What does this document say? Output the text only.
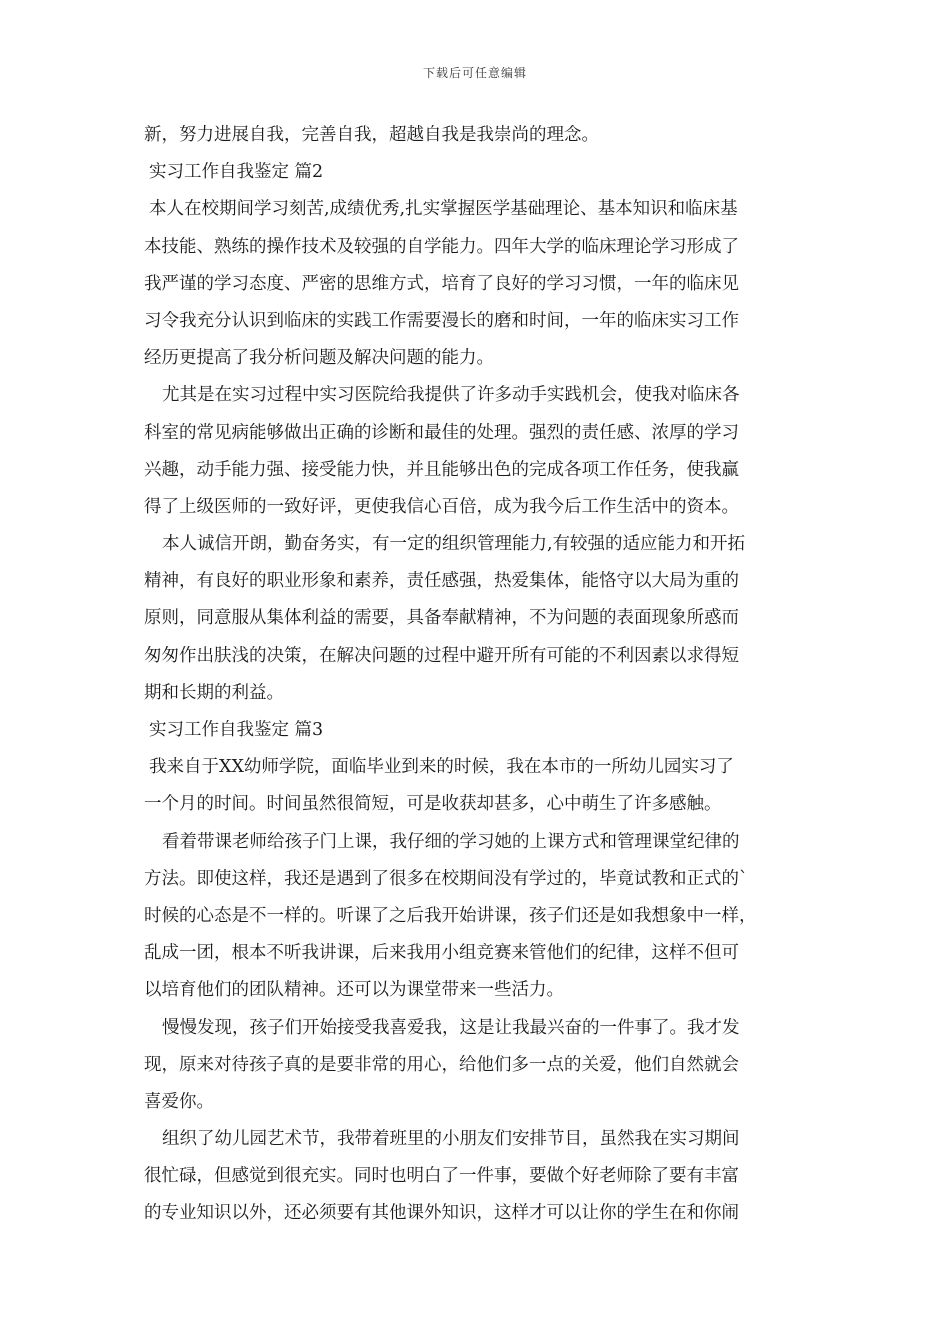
下载后可任意编辑
新，努力进展自我，完善自我，超越自我是我崇尚的理念。
实习工作自我鉴定 篇2
本人在校期间学习刻苦,成绩优秀,扎实掌握医学基础理论、基本知识和临床基
本技能、熟练的操作技术及较强的自学能力。四年大学的临床理论学习形成了
我严谨的学习态度、严密的思维方式，培育了良好的学习习惯，一年的临床见
习令我充分认识到临床的实践工作需要漫长的磨和时间，一年的临床实习工作
经历更提高了我分析问题及解决问题的能力。
尤其是在实习过程中实习医院给我提供了许多动手实践机会，使我对临床各
科室的常见病能够做出正确的诊断和最佳的处理。强烈的责任感、浓厚的学习
兴趣，动手能力强、接受能力快，并且能够出色的完成各项工作任务，使我赢
得了上级医师的一致好评，更使我信心百倍，成为我今后工作生活中的资本。
本人诚信开朗，勤奋务实，有一定的组织管理能力,有较强的适应能力和开拓
精神，有良好的职业形象和素养，责任感强，热爱集体，能恪守以大局为重的
原则，同意服从集体利益的需要，具备奉献精神，不为问题的表面现象所惑而
匆匆作出肤浅的决策，在解决问题的过程中避开所有可能的不利因素以求得短
期和长期的利益。
实习工作自我鉴定 篇3
我来自于XX幼师学院，面临毕业到来的时候，我在本市的一所幼儿园实习了
一个月的时间。时间虽然很简短，可是收获却甚多，心中萌生了许多感触。
看着带课老师给孩子门上课，我仔细的学习她的上课方式和管理课堂纪律的
方法。即使这样，我还是遇到了很多在校期间没有学过的，毕竟试教和正式的`
时候的心态是不一样的。听课了之后我开始讲课，孩子们还是如我想象中一样，
乱成一团，根本不听我讲课，后来我用小组竞赛来管他们的纪律，这样不但可
以培育他们的团队精神。还可以为课堂带来一些活力。
慢慢发现，孩子们开始接受我喜爱我，这是让我最兴奋的一件事了。我才发
现，原来对待孩子真的是要非常的用心，给他们多一点的关爱，他们自然就会
喜爱你。
组织了幼儿园艺术节，我带着班里的小朋友们安排节目，虽然我在实习期间
很忙碌，但感觉到很充实。同时也明白了一件事，要做个好老师除了要有丰富
的专业知识以外，还必须要有其他课外知识，这样才可以让你的学生在和你闹
